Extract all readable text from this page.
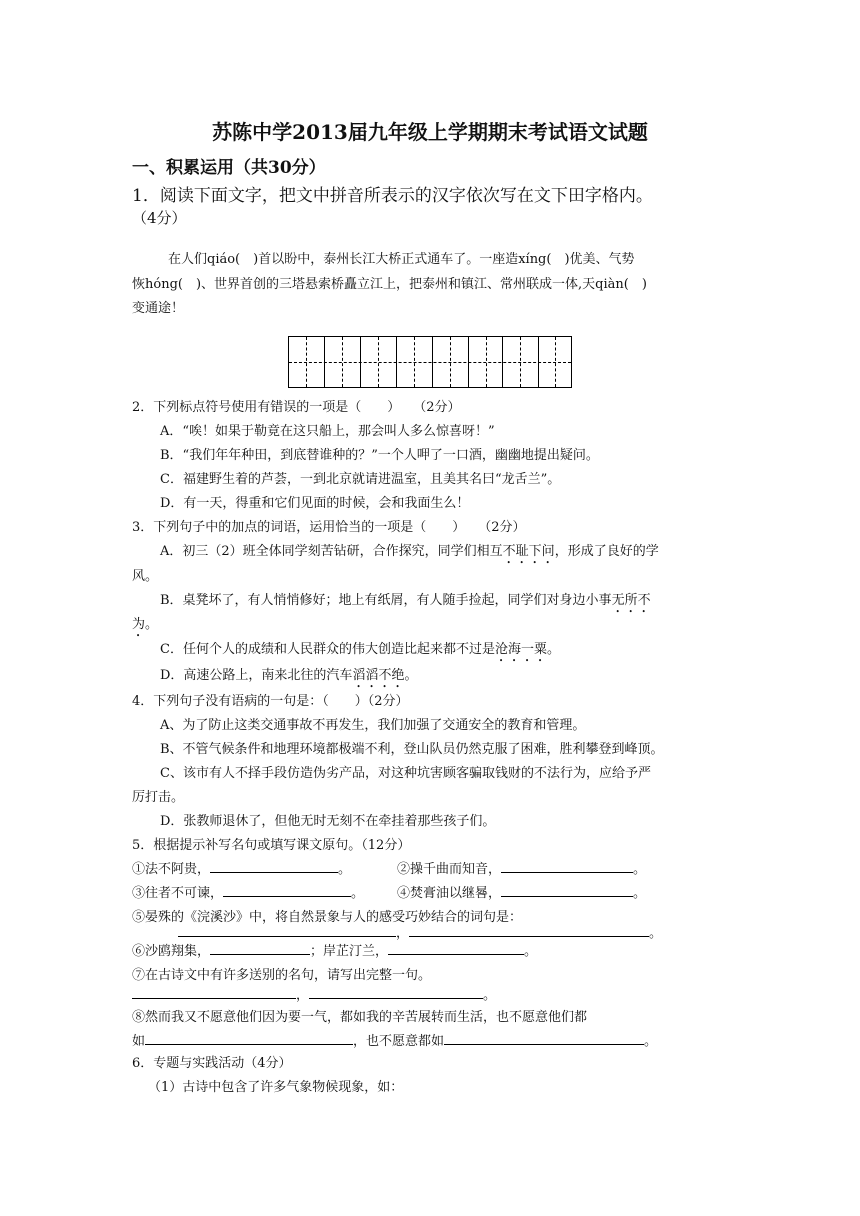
苏陈中学2013届九年级上学期期末考试语文试题
一、积累运用（共30分）
1．阅读下面文字，把文中拼音所表示的汉字依次写在文下田字格内。
（4分）
在人们qiáo(　)首以盼中，泰州长江大桥正式通车了。一座造xíng(　)优美、气势
恢hóng(　)、世界首创的三塔悬索桥矗立江上，把泰州和镇江、常州联成一体,天qiàn(　)
变通途！
2．下列标点符号使用有错误的一项是（　　）　　（2分）
A．“唉！如果于勒竟在这只船上，那会叫人多么惊喜呀！”
B．“我们年年种田，到底替谁种的？”一个人呷了一口酒，幽幽地提出疑问。
C．福建野生着的芦荟，一到北京就请进温室，且美其名曰“龙舌兰”。
D．有一天，得重和它们见面的时候，会和我面生么！
3．下列句子中的加点的词语，运用恰当的一项是（　　）　　（2分）
A．初三（2）班全体同学刻苦钻研，合作探究，同学们相互不耻下问，形成了良好的学
风。
B．桌凳坏了，有人悄悄修好；地上有纸屑，有人随手捡起，同学们对身边小事无所不
为。
C．任何个人的成绩和人民群众的伟大创造比起来都不过是沧海一粟。
D．高速公路上，南来北往的汽车滔滔不绝。
4．下列句子没有语病的一句是：（　　）（2分）
A、为了防止这类交通事故不再发生，我们加强了交通安全的教育和管理。
B、不管气候条件和地理环境都极端不利，登山队员仍然克服了困难，胜利攀登到峰顶。
C、该市有人不择手段仿造伪劣产品，对这种坑害顾客骗取钱财的不法行为，应给予严
厉打击。
D．张教师退休了，但他无时无刻不在牵挂着那些孩子们。
5．根据提示补写名句或填写课文原句。（12分）
①法不阿贵，	。	②操千曲而知音，	。
③往者不可谏，	。	④焚膏油以继晷，	。
⑤晏殊的《浣溪沙》中，将自然景象与人的感受巧妙结合的词句是：
，	。
⑥沙鸥翔集，	；岸芷汀兰，	。
⑦在古诗文中有许多送别的名句，请写出完整一句。
，	。
⑧然而我又不愿意他们因为要一气，都如我的辛苦展转而生活，也不愿意他们都
如	，也不愿意都如	。
6．专题与实践活动（4分）
（1）古诗中包含了许多气象物候现象，如：
